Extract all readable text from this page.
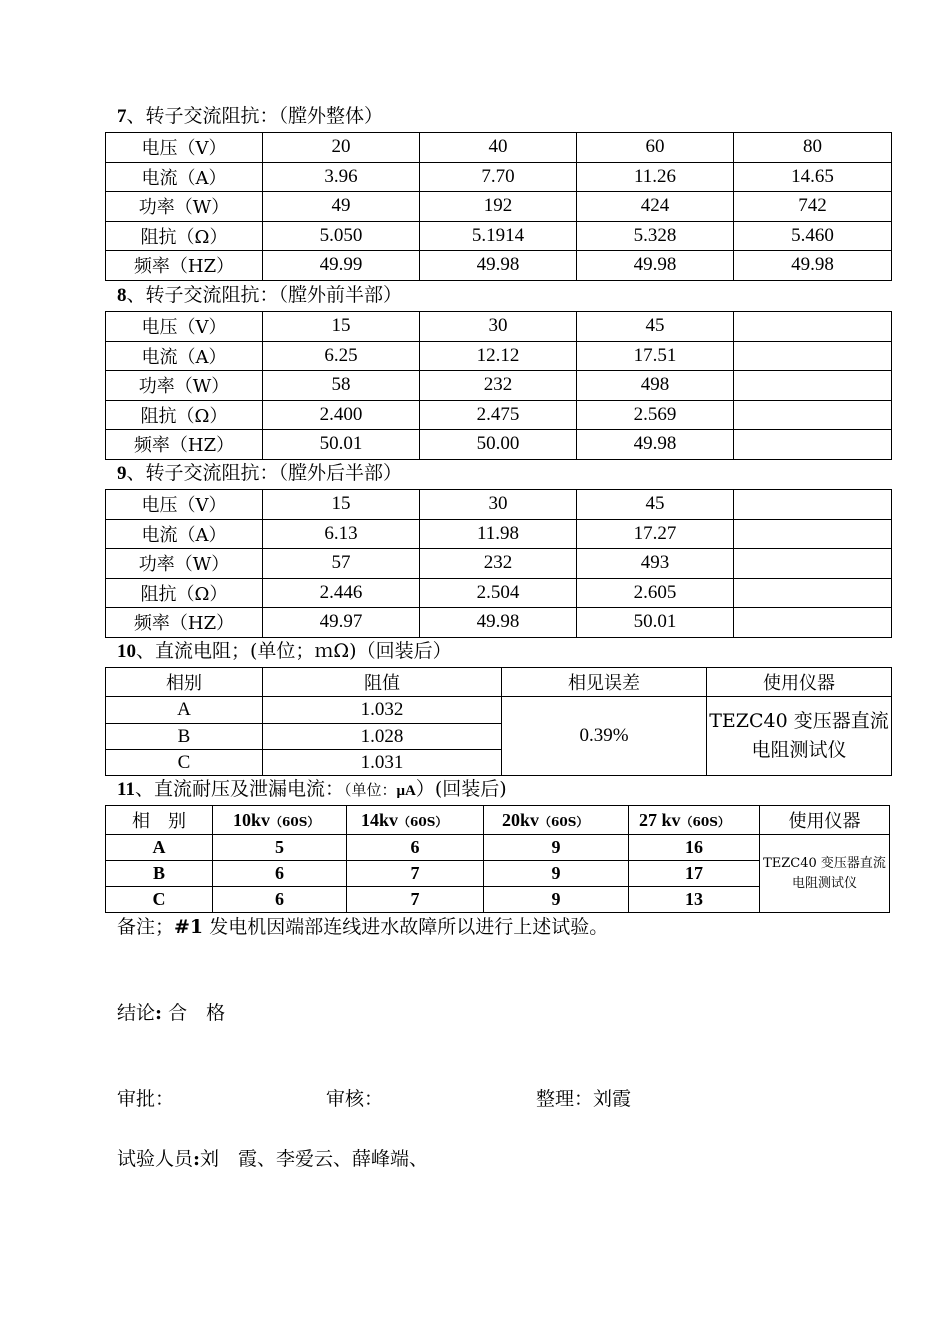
7、转子交流阻抗：（膛外整体）
电压（V）	20	40	60	80
电流（A）	3.96	7.70	11.26	14.65
功率（W）	49	192	424	742
阻抗（Ω）	5.050	5.1914	5.328	5.460
频率（HZ）	49.99	49.98	49.98	49.98
8、转子交流阻抗：（膛外前半部）
电压（V）	15	30	45	
电流（A）	6.25	12.12	17.51	
功率（W）	58	232	498	
阻抗（Ω）	2.400	2.475	2.569	
频率（HZ）	50.01	50.00	49.98	
9、转子交流阻抗：（膛外后半部）
电压（V）	15	30	45	
电流（A）	6.13	11.98	17.27	
功率（W）	57	232	493	
阻抗（Ω）	2.446	2.504	2.605	
频率（HZ）	49.97	49.98	50.01	
10、直流电阻；(单位；ｍΩ)（回装后）
相别	阻值	相见误差	使用仪器
A	1.032	0.39%	TEZC40 变压器直流电阻测试仪
B	1.028		
C	1.031		
11、直流耐压及泄漏电流：（单位：μA）(回装后)
相　别	10kv（60S）	14kv（60S）	20kv（60S）	27 kv（60S）	使用仪器
A	5	6	9	16	TEZC40 变压器直流电阻测试仪
B	6	7	9	17	
C	6	7	9	13	
备注；#1 发电机因端部连线进水故障所以进行上述试验。
结论: 合　格
审批：	审核：	整理：刘霞
试验人员:刘　霞、李爱云、薛峰端、
